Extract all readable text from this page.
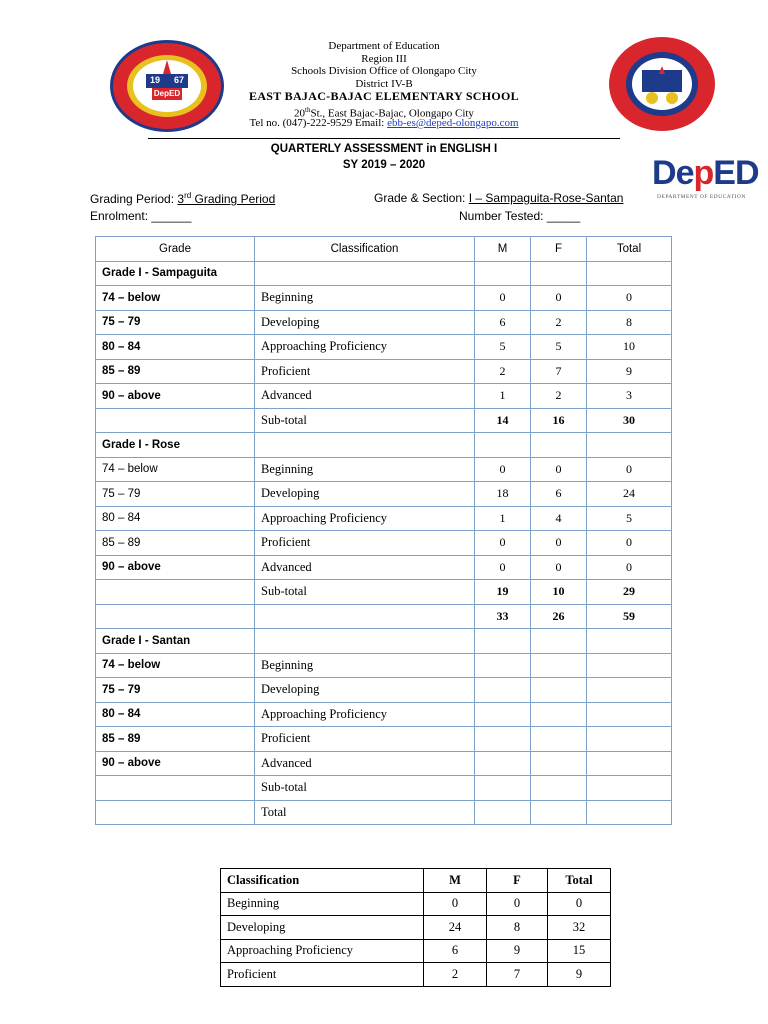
19 67
DepED
Department of Education
Region III
Schools Division Office of Olongapo City
District IV-B
EAST BAJAC-BAJAC ELEMENTARY SCHOOL
20thSt., East Bajac-Bajac, Olongapo City
Tel no. (047)-222-9529 Email: ebb-es@deped-olongapo.com
DepED
DEPARTMENT OF EDUCATION
QUARTERLY ASSESSMENT in ENGLISH I
SY 2019 – 2020
Grading Period: 3rd Grading Period	Grade & Section: I – Sampaguita-Rose-Santan
Enrolment: ______	Number Tested: _____
Grade	Classification	M	F	Total
Grade I - Sampaguita				
74 – below	Beginning	0	0	0
75 – 79	Developing	6	2	8
80 – 84	Approaching Proficiency	5	5	10
85 – 89	Proficient	2	7	9
90 – above	Advanced	1	2	3
	Sub-total	14	16	30
Grade I - Rose				
74 – below	Beginning	0	0	0
75 – 79	Developing	18	6	24
80 – 84	Approaching Proficiency	1	4	5
85 – 89	Proficient	0	0	0
90 – above	Advanced	0	0	0
	Sub-total	19	10	29
		33	26	59
Grade I - Santan				
74 – below	Beginning			
75 – 79	Developing			
80 – 84	Approaching Proficiency			
85 – 89	Proficient			
90 – above	Advanced			
	Sub-total			
	Total			
Classification	M	F	Total
Beginning	0	0	0
Developing	24	8	32
Approaching Proficiency	6	9	15
Proficient	2	7	9
